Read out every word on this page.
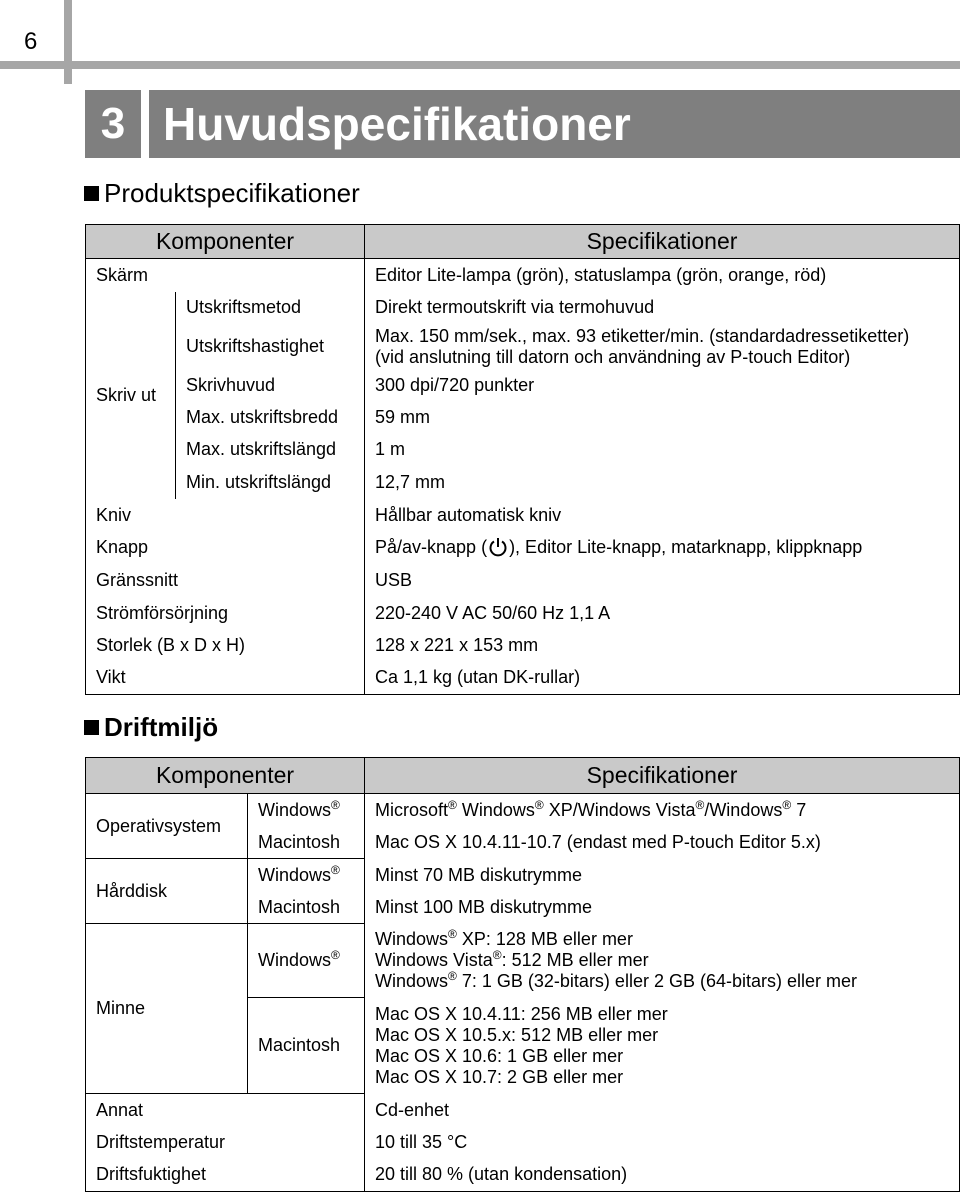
6
3 Huvudspecifikationer
Produktspecifikationer
Komponenter		Specifikationer
Skärm		Editor Lite-lampa (grön), statuslampa (grön, orange, röd)
Skriv ut	Utskriftsmetod	Direkt termoutskrift via termohuvud
	Utskriftshastighet	Max. 150 mm/sek., max. 93 etiketter/min. (standardadressetiketter)
(vid anslutning till datorn och användning av P-touch Editor)

	Skrivhuvud	300 dpi/720 punkter
	Max. utskriftsbredd	59 mm
	Max. utskriftslängd	1 m
	Min. utskriftslängd	12,7 mm
Kniv		Hållbar automatisk kniv
Knapp		På/av-knapp ( ), Editor Lite-knapp, matarknapp, klippknapp
Gränssnitt		USB
Strömförsörjning		220-240 V AC 50/60 Hz 1,1 A
Storlek (B x D x H)		128 x 221 x 153 mm
Vikt		Ca 1,1 kg (utan DK-rullar)
Driftmiljö
Komponenter		Specifikationer
Operativsystem	Windows®	Microsoft® Windows® XP/Windows Vista®/Windows® 7
	Macintosh	Mac OS X 10.4.11-10.7 (endast med P-touch Editor 5.x)
Hårddisk	Windows®	Minst 70 MB diskutrymme
	Macintosh	Minst 100 MB diskutrymme
Minne	Windows®	Windows® XP: 128 MB eller mer
Windows Vista®: 512 MB eller mer
Windows® 7: 1 GB (32-bitars) eller 2 GB (64-bitars) eller mer

	Macintosh	Mac OS X 10.4.11: 256 MB eller mer
Mac OS X 10.5.x: 512 MB eller mer
Mac OS X 10.6: 1 GB eller mer
Mac OS X 10.7: 2 GB eller mer

Annat		Cd-enhet
Driftstemperatur		10 till 35 °C
Driftsfuktighet		20 till 80 % (utan kondensation)
